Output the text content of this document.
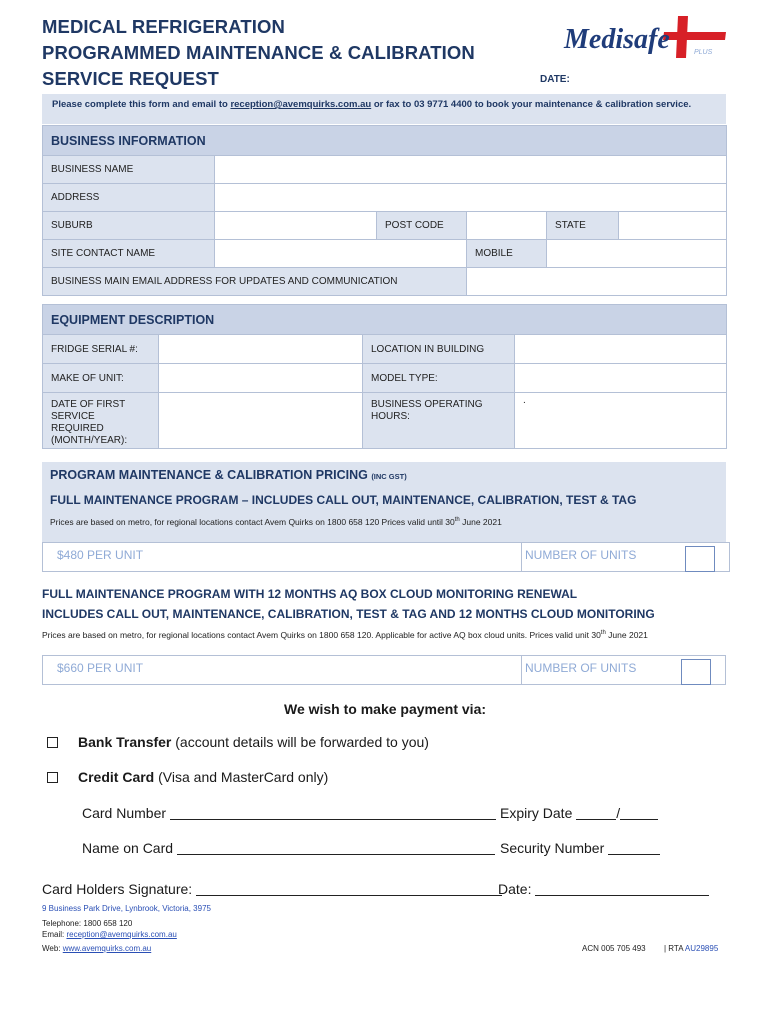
MEDICAL REFRIGERATION
PROGRAMMED MAINTENANCE & CALIBRATION
SERVICE REQUEST
Medisafe	PLUS
DATE:
Please complete this form and email to reception@avemquirks.com.au or fax to 03 9771 4400 to book your maintenance & calibration service.
BUSINESS INFORMATION					
BUSINESS NAME					
ADDRESS					
SUBURB		POST CODE		STATE	
SITE CONTACT NAME			MOBILE		
BUSINESS MAIN EMAIL ADDRESS FOR UPDATES AND COMMUNICATION					
EQUIPMENT DESCRIPTION			
FRIDGE SERIAL #:		LOCATION IN BUILDING	
MAKE OF UNIT:		MODEL TYPE:	
DATE OF FIRST SERVICE REQUIRED (MONTH/YEAR):		BUSINESS OPERATING HOURS:	.
PROGRAM MAINTENANCE & CALIBRATION PRICING (INC GST)
FULL MAINTENANCE PROGRAM – INCLUDES CALL OUT, MAINTENANCE, CALIBRATION, TEST & TAG
Prices are based on metro, for regional locations contact Avem Quirks on 1800 658 120 Prices valid until 30th June 2021
$480 PER UNIT	NUMBER OF UNITS
FULL MAINTENANCE PROGRAM WITH 12 MONTHS AQ BOX CLOUD MONITORING RENEWAL
INCLUDES CALL OUT, MAINTENANCE, CALIBRATION, TEST & TAG AND 12 MONTHS CLOUD MONITORING
Prices are based on metro, for regional locations contact Avem Quirks on 1800 658 120. Applicable for active AQ box cloud units. Prices valid unit 30th June 2021
$660 PER UNIT	NUMBER OF UNITS
We wish to make payment via:
Bank Transfer (account details will be forwarded to you)
Credit Card (Visa and MasterCard only)
Card Number	Expiry Date	/
Name on Card	Security Number
Card Holders Signature:	Date:
9 Business Park Drive, Lynbrook, Victoria, 3975
Telephone: 1800 658 120
Email: reception@avemquirks.com.au
Web: www.avemquirks.com.au	ACN 005 705 493 | RTA AU29895
